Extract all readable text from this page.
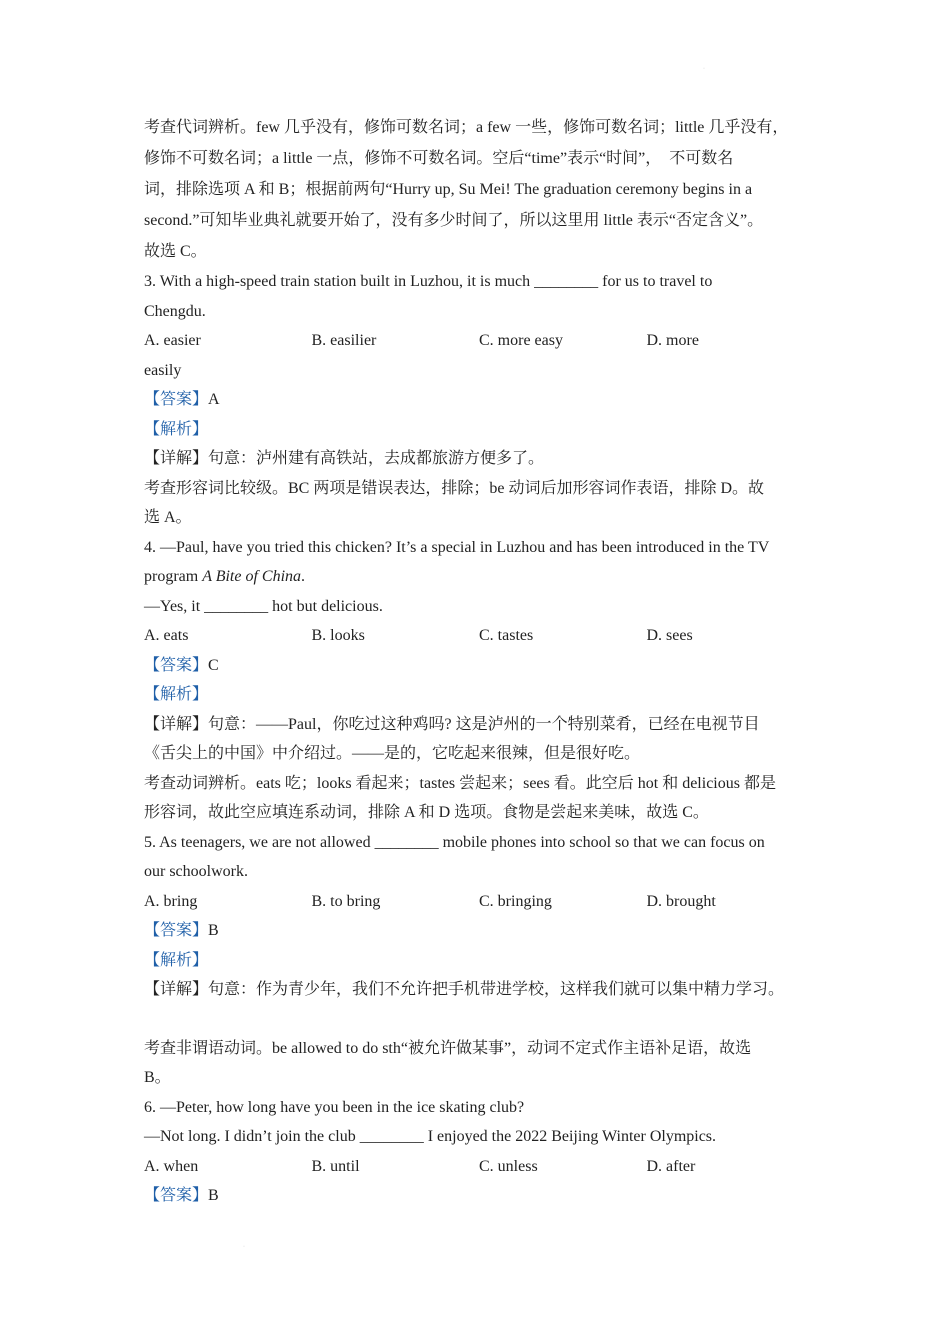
·
考查代词辨析。few 几乎没有，修饰可数名词；a few 一些，修饰可数名词；little 几乎没有，
修饰不可数名词；a little 一点，修饰不可数名词。空后“time”表示“时间”，　不可数名
词，排除选项 A 和 B；根据前两句“Hurry up, Su Mei! The graduation ceremony begins in a
second.”可知毕业典礼就要开始了，没有多少时间了，所以这里用 little 表示“否定含义”。
故选 C。
3. With a high-speed train station built in Luzhou, it is much ________ for us to travel to
Chengdu.
A. easier	B. easilier	C. more easy	D. more
easily
【答案】A
【解析】
【详解】句意：泸州建有高铁站，去成都旅游方便多了。
考查形容词比较级。BC 两项是错误表达，排除；be 动词后加形容词作表语，排除 D。故
选 A。
4. —Paul, have you tried this chicken? It’s a special in Luzhou and has been introduced in the TV
program A Bite of China.
—Yes, it ________ hot but delicious.
A. eats	B. looks	C. tastes	D. sees
【答案】C
【解析】
【详解】句意：——Paul，你吃过这种鸡吗? 这是泸州的一个特别菜肴，已经在电视节目
《舌尖上的中国》中介绍过。——是的，它吃起来很辣，但是很好吃。
考查动词辨析。eats 吃；looks 看起来；tastes 尝起来；sees 看。此空后 hot 和 delicious 都是
形容词，故此空应填连系动词，排除 A 和 D 选项。食物是尝起来美味，故选 C。
5. As teenagers, we are not allowed ________ mobile phones into school so that we can focus on
our schoolwork.
A. bring	B. to bring	C. bringing	D. brought
【答案】B
【解析】
【详解】句意：作为青少年，我们不允许把手机带进学校，这样我们就可以集中精力学习。
考查非谓语动词。be allowed to do sth“被允许做某事”，动词不定式作主语补足语，故选
B。
6. —Peter, how long have you been in the ice skating club?
—Not long. I didn’t join the club ________ I enjoyed the 2022 Beijing Winter Olympics.
A. when	B. until	C. unless	D. after
【答案】B
·
